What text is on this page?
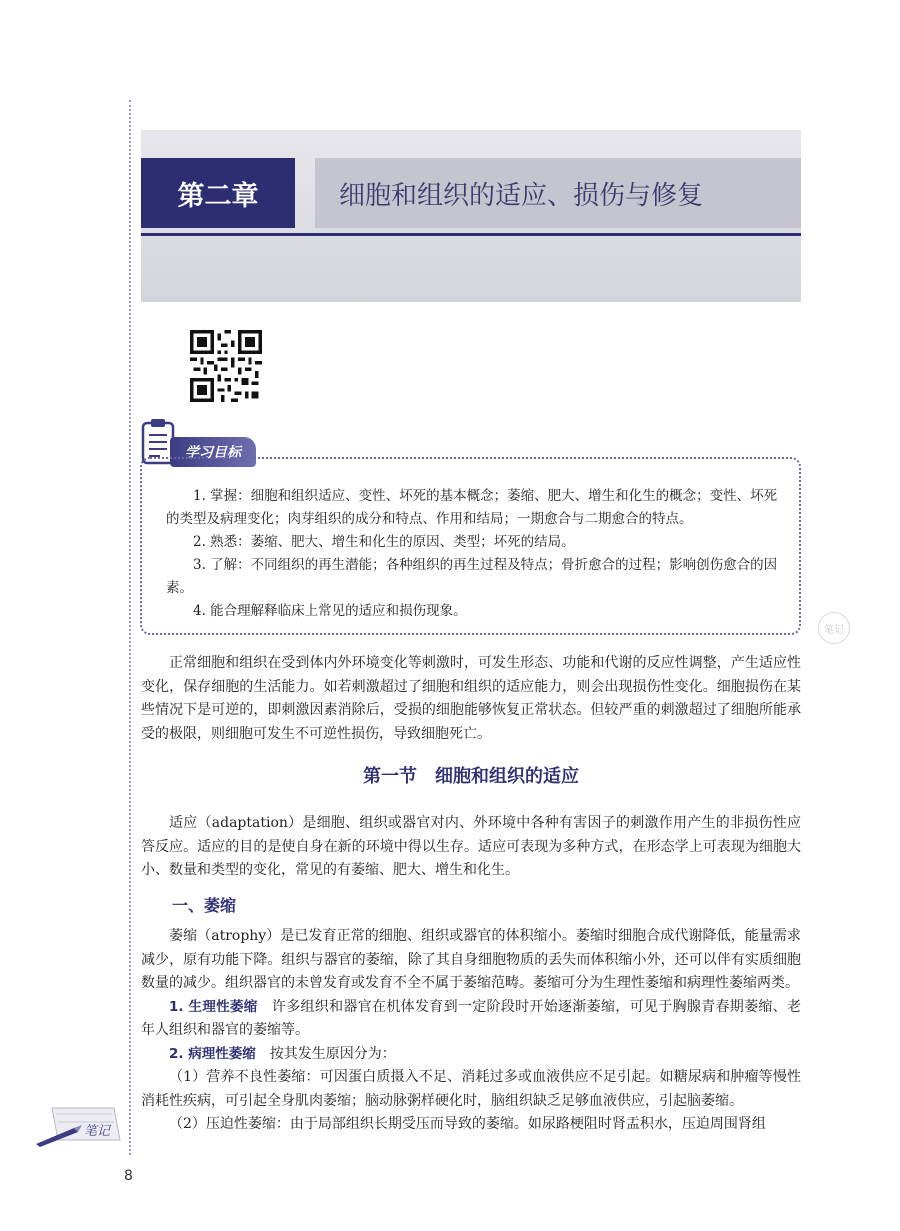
第二章	细胞和组织的适应、损伤与修复
学习目标

1. 掌握：细胞和组织适应、变性、坏死的基本概念；萎缩、肥大、增生和化生的概念；变性、坏死的类型及病理变化；肉芽组织的成分和特点、作用和结局；一期愈合与二期愈合的特点。

2. 熟悉：萎缩、肥大、增生和化生的原因、类型；坏死的结局。

3. 了解：不同组织的再生潜能；各种组织的再生过程及特点；骨折愈合的过程；影响创伤愈合的因素。

4. 能合理解释临床上常见的适应和损伤现象。

笔记

正常细胞和组织在受到体内外环境变化等刺激时，可发生形态、功能和代谢的反应性调整，产生适应性变化，保存细胞的生活能力。如若刺激超过了细胞和组织的适应能力，则会出现损伤性变化。细胞损伤在某些情况下是可逆的，即刺激因素消除后，受损的细胞能够恢复正常状态。但较严重的刺激超过了细胞所能承受的极限，则细胞可发生不可逆性损伤，导致细胞死亡。

第一节　细胞和组织的适应

适应（adaptation）是细胞、组织或器官对内、外环境中各种有害因子的刺激作用产生的非损伤性应答反应。适应的目的是使自身在新的环境中得以生存。适应可表现为多种方式，在形态学上可表现为细胞大小、数量和类型的变化，常见的有萎缩、肥大、增生和化生。

一、萎缩

萎缩（atrophy）是已发育正常的细胞、组织或器官的体积缩小。萎缩时细胞合成代谢降低，能量需求减少，原有功能下降。组织与器官的萎缩，除了其自身细胞物质的丢失而体积缩小外，还可以伴有实质细胞数量的减少。组织器官的未曾发育或发育不全不属于萎缩范畴。萎缩可分为生理性萎缩和病理性萎缩两类。

1. 生理性萎缩　许多组织和器官在机体发育到一定阶段时开始逐渐萎缩，可见于胸腺青春期萎缩、老年人组织和器官的萎缩等。

2. 病理性萎缩　按其发生原因分为：

（1）营养不良性萎缩：可因蛋白质摄入不足、消耗过多或血液供应不足引起。如糖尿病和肿瘤等慢性消耗性疾病，可引起全身肌肉萎缩；脑动脉粥样硬化时，脑组织缺乏足够血液供应，引起脑萎缩。

（2）压迫性萎缩：由于局部组织长期受压而导致的萎缩。如尿路梗阻时肾盂积水，压迫周围肾组

笔记
8
